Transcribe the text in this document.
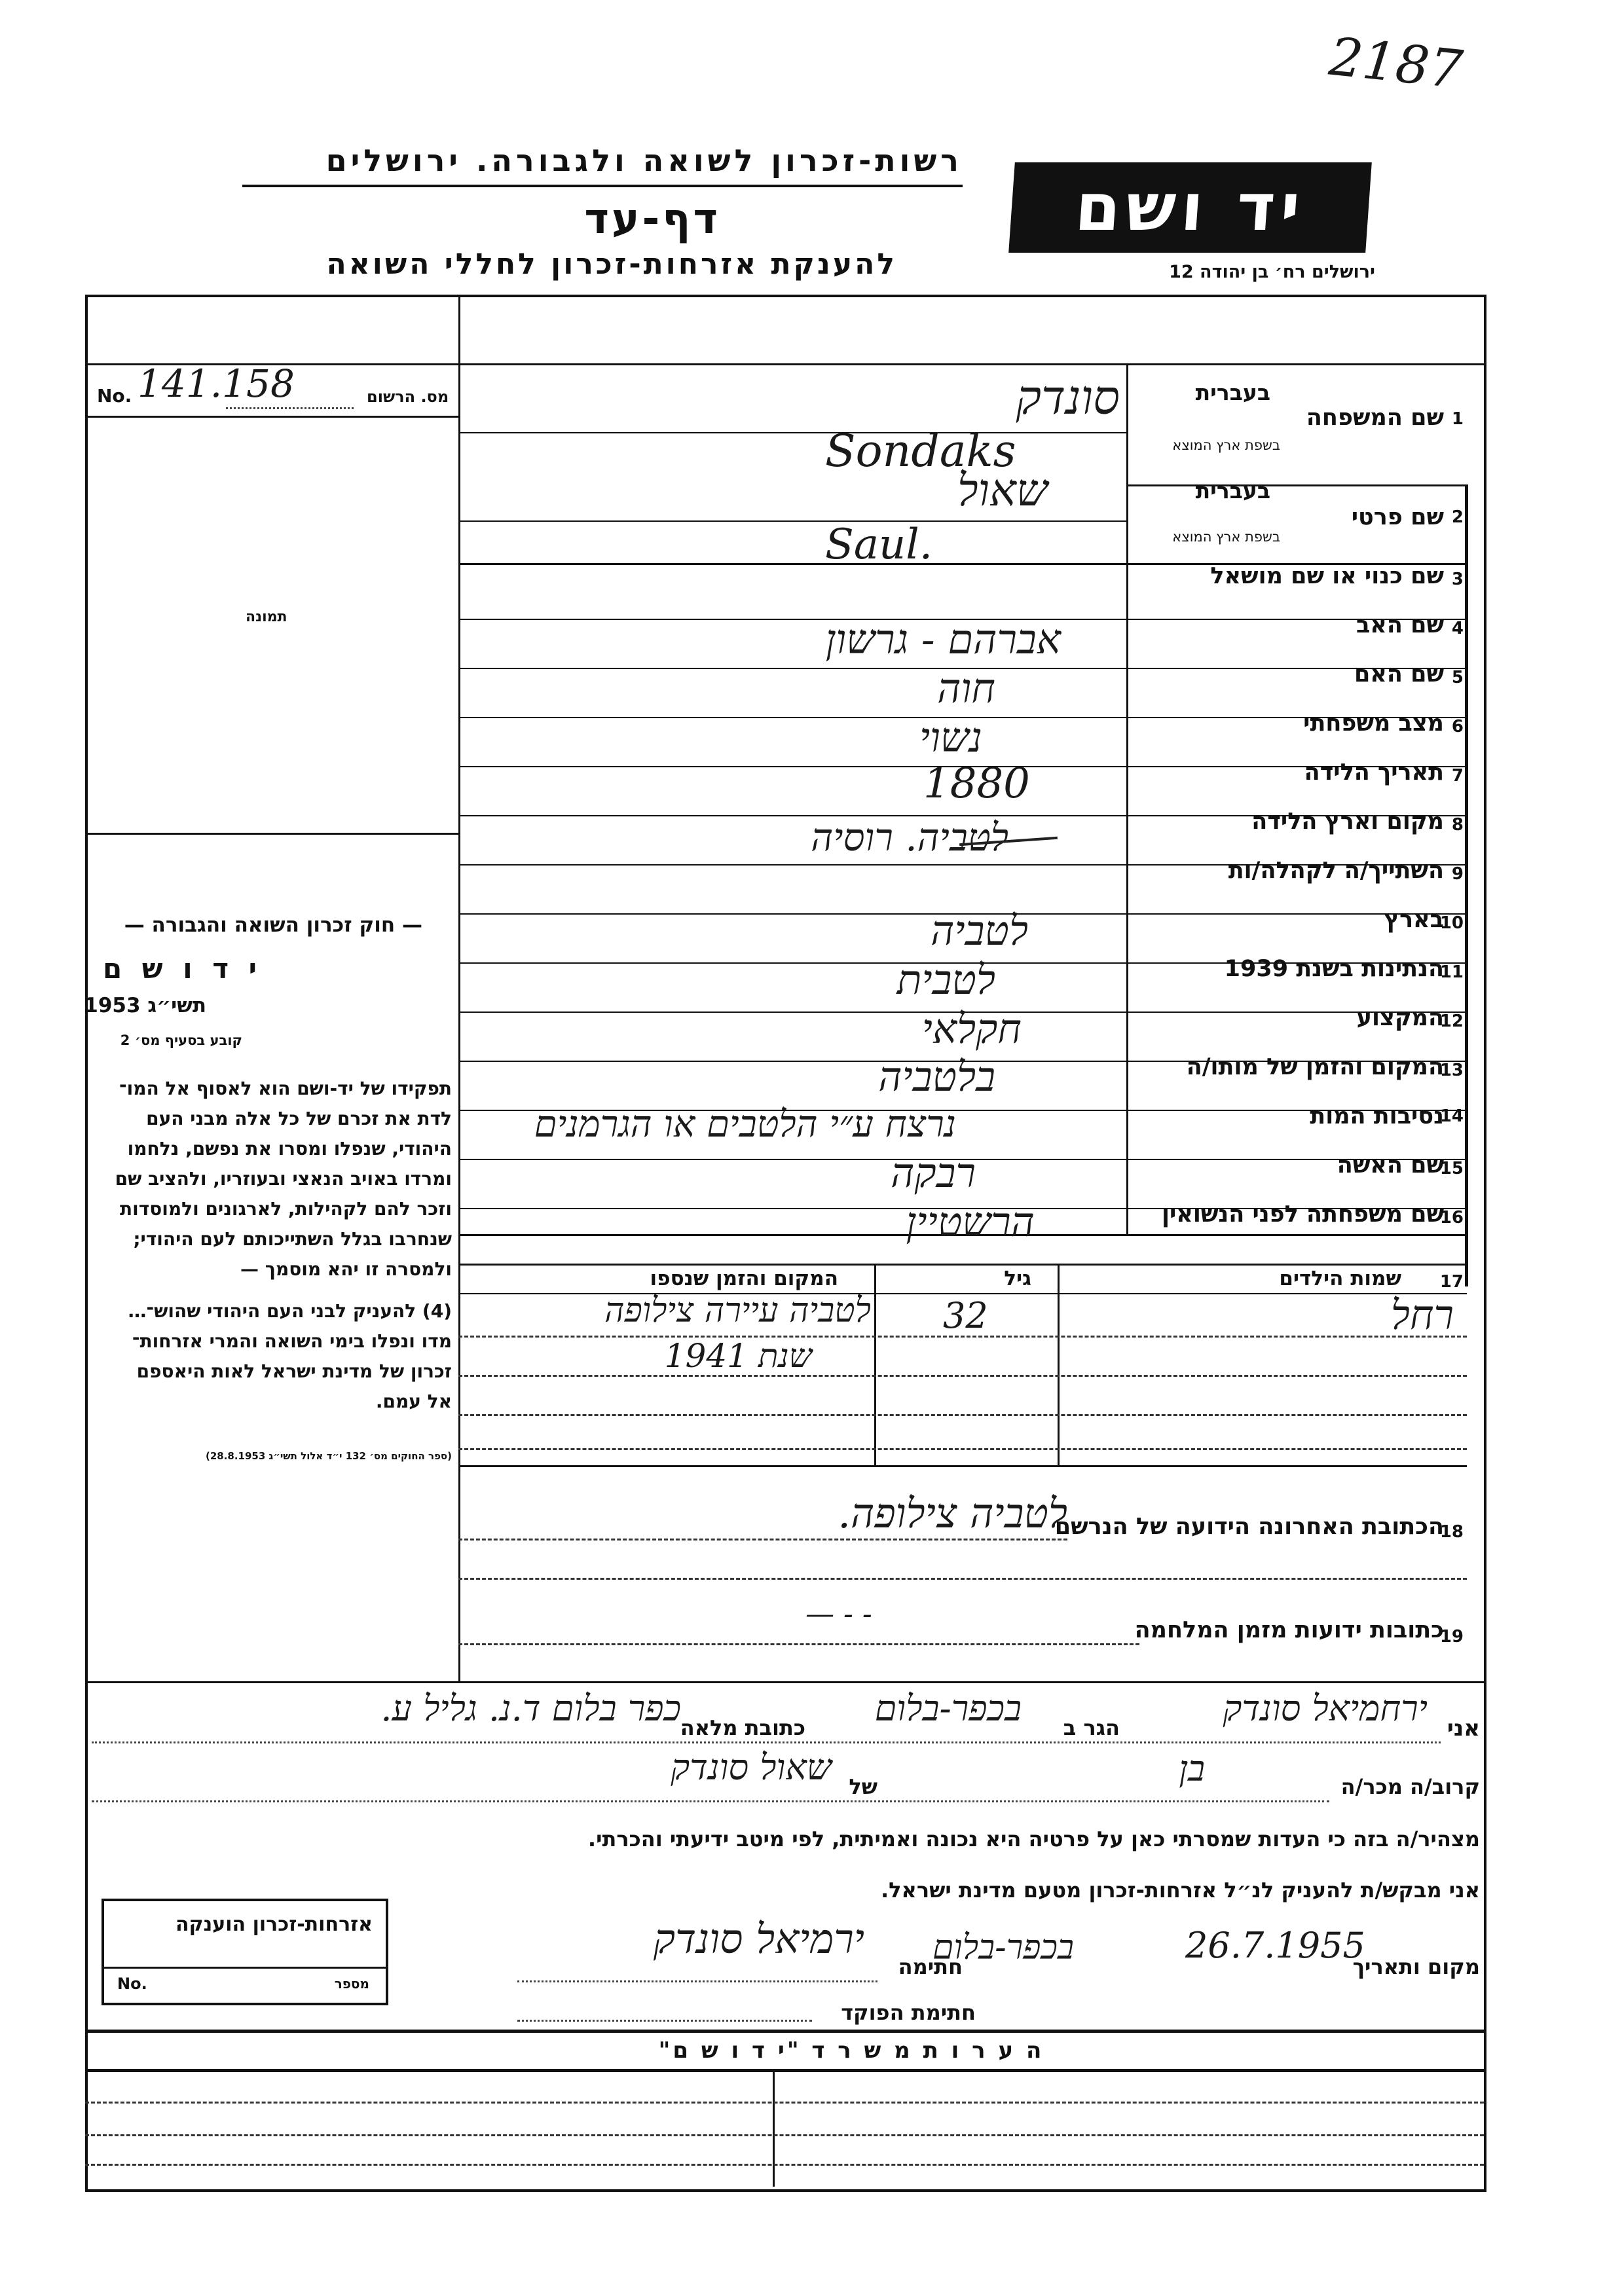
2187
רשות-זכרון לשואה ולגבורה. ירושלים
דף-עד
להענקת אזרחות-זכרון לחללי השואה
יד ושם
ירושלים רח׳ בן יהודה 12
No. 141.158	מס. הרשום
תמונה
— חוק זכרון השואה והגבורה —
י ד ו ש ם
תשי״ג 1953
קובע בסעיף מס׳ 2
תפקידו של יד-ושם הוא לאסוף אל המו־
לדת את זכרם של כל אלה מבני העם
היהודי, שנפלו ומסרו את נפשם, נלחמו
ומרדו באויב הנאצי ובעוזריו, ולהציב שם
וזכר להם לקהילות, לארגונים ולמוסדות
שנחרבו בגלל השתייכותם לעם היהודי;
ולמסרה זו יהא מוסמך —
(4) להעניק לבני העם היהודי שהוש־…
מדו ונפלו בימי השואה והמרי אזרחות־
זכרון של מדינת ישראל לאות היאספם
אל עמם.
(ספר החוקים מס׳ 132 י״ד אלול תשי״ג 28.8.1953)
1
בעברית
שם המשפחה
בשפת ארץ המוצא
סונדק
Sondaks
2
בעברית
שם פרטי
בשפת ארץ המוצא
שאול
Saul.
3
שם כנוי או שם מושאל
4
שם האב
אברהם - גרשון
5
שם האם
חוה
6
מצב משפחתי
נשוי
7
תאריך הלידה
1880
8
מקום וארץ הלידה
לטביה. רוסיה
9
השתייך/ה לקהלה/ות
10
בארץ
לטביה
11
הנתינות בשנת 1939
לטבית
12
המקצוע
חקלאי
13
המקום והזמן של מותו/ה
בלטביה
14
נסיבות המות
נרצח ע״י הלטבים או הגרמנים
15
שם האשה
רבקה
16
שם משפחתה לפני הנשואין
הרשטיין
17
שמות הילדים
גיל
המקום והזמן שנספו
רחל
32
לטביה עיירה צילופה
שנת 1941
18
הכתובת האחרונה הידועה של הנרשם
לטביה צילופה.
19
כתובות ידועות מזמן המלחמה
— - -
אני
ירחמיאל סונדק
הגר ב
בכפר-בלום
כתובת מלאה
כפר בלום ד.נ. גליל ע.
קרוב/ה מכר/ה
בן
של
שאול סונדק
מצהיר/ה בזה כי העדות שמסרתי כאן על פרטיה היא נכונה ואמיתית, לפי מיטב ידיעתי והכרתי.
אני מבקש/ת להעניק לנ״ל אזרחות-זכרון מטעם מדינת ישראל.
מקום ותאריך
26.7.1955
בכפר-בלום
חתימה
ירמיאל סונדק
חתימת הפוקד
אזרחות-זכרון הוענקה
No.	מספר
ה ע ר ו ת מ ש ר ד "י ד ו ש ם"
